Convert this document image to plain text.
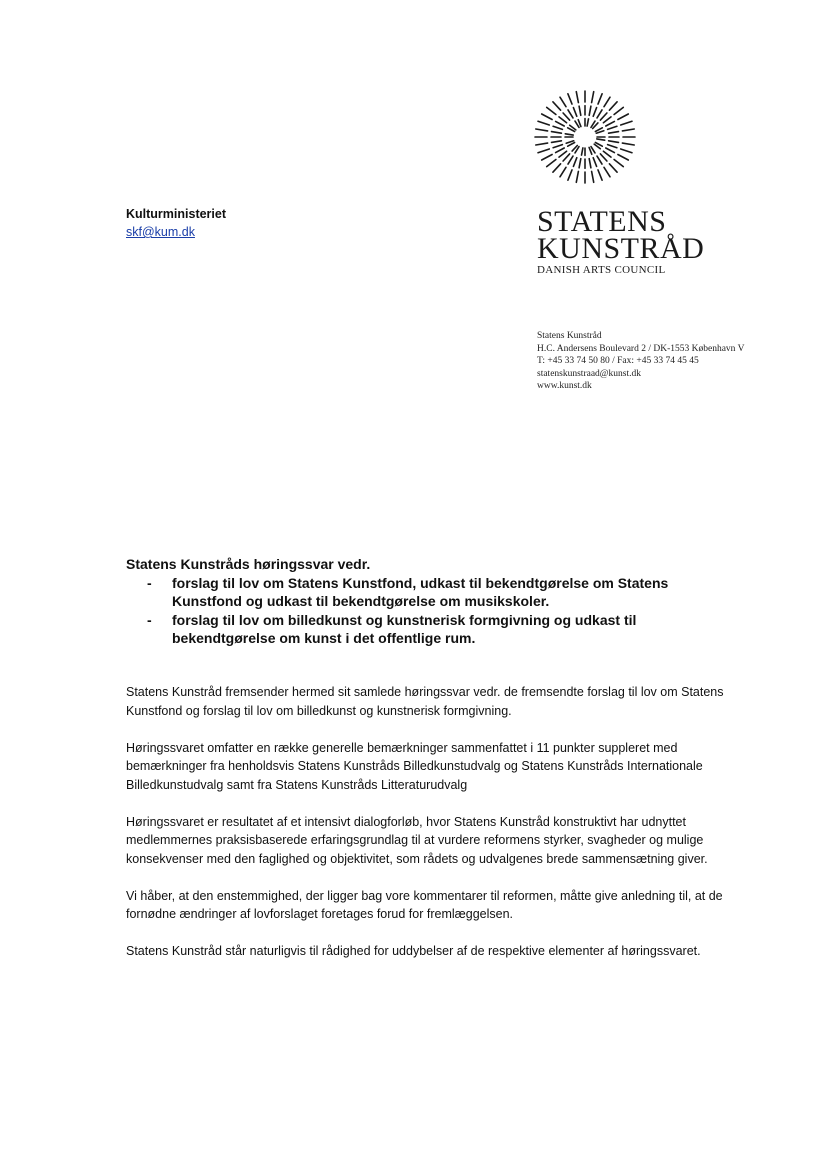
STATENS
KUNSTRÅD
DANISH ARTS COUNCIL
Statens Kunstråd
H.C. Andersens Boulevard 2 / DK-1553 København V
T: +45 33 74 50 80 / Fax: +45 33 74 45 45
statenskunstraad@kunst.dk
www.kunst.dk
Kulturministeriet
skf@kum.dk
Statens Kunstråds høringssvar vedr.
- forslag til lov om Statens Kunstfond, udkast til bekendtgørelse om Statens Kunstfond og udkast til bekendtgørelse om musikskoler.
- forslag til lov om billedkunst og kunstnerisk formgivning og udkast til bekendtgørelse om kunst i det offentlige rum.

Statens Kunstråd fremsender hermed sit samlede høringssvar vedr. de fremsendte forslag til lov om Statens Kunstfond og forslag til lov om billedkunst og kunstnerisk formgivning.

Høringssvaret omfatter en række generelle bemærkninger sammenfattet i 11 punkter suppleret med bemærkninger fra henholdsvis Statens Kunstråds Billedkunstudvalg og Statens Kunstråds Internationale Billedkunstudvalg samt fra Statens Kunstråds Litteraturudvalg

Høringssvaret er resultatet af et intensivt dialogforløb, hvor Statens Kunstråd konstruktivt har udnyttet medlemmernes praksisbaserede erfaringsgrundlag til at vurdere reformens styrker, svagheder og mulige konsekvenser med den faglighed og objektivitet, som rådets og udvalgenes brede sammensætning giver.

Vi håber, at den enstemmighed, der ligger bag vore kommentarer til reformen, måtte give anledning til, at de fornødne ændringer af lovforslaget foretages forud for fremlæggelsen.

Statens Kunstråd står naturligvis til rådighed for uddybelser af de respektive elementer af høringssvaret.
